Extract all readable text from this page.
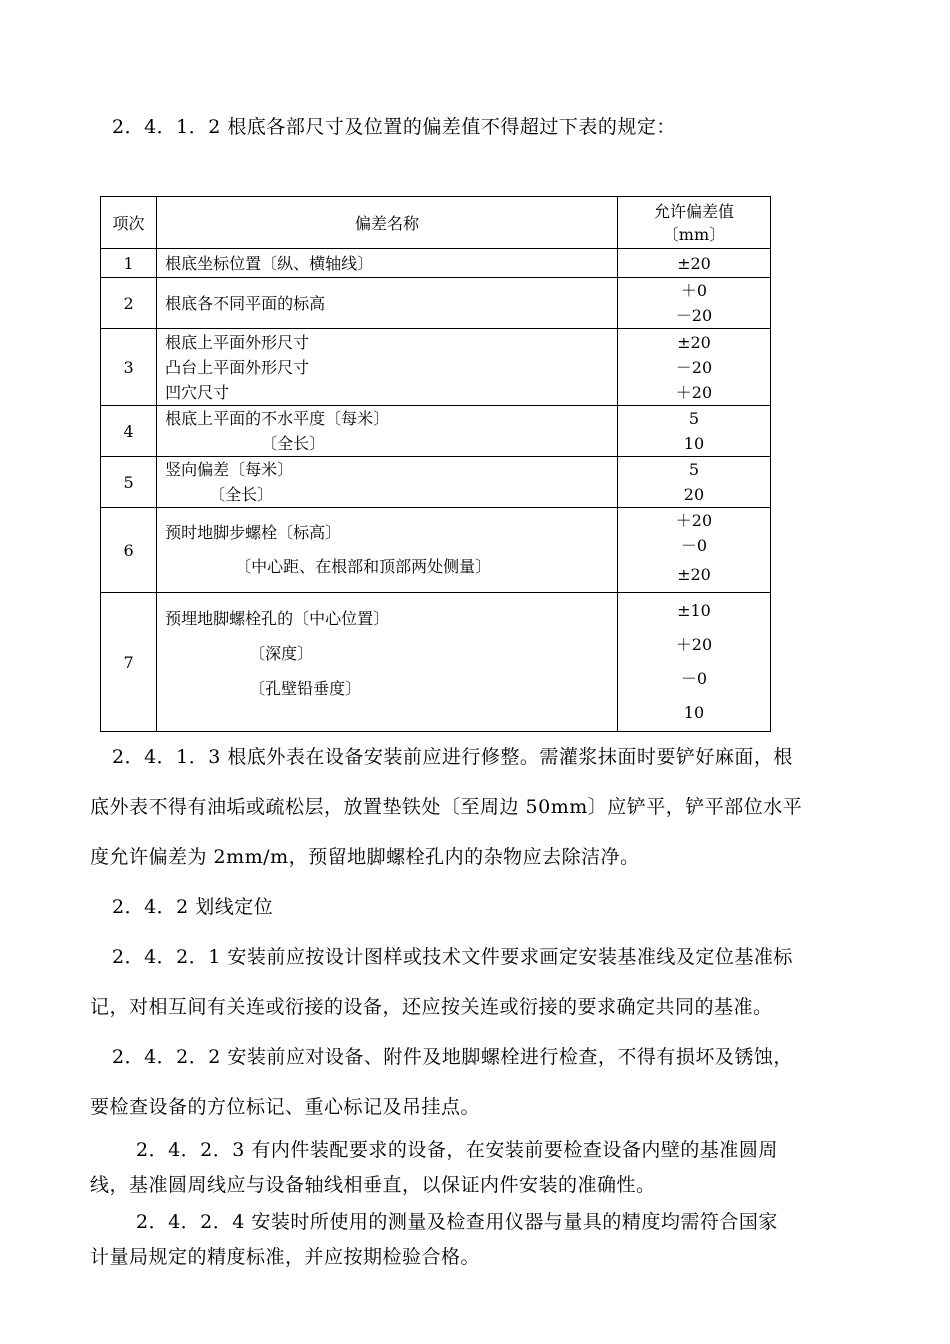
2．4．1．2 根底各部尺寸及位置的偏差值不得超过下表的规定：
项次	偏差名称	允许偏差值
〔mm〕

1	根底坐标位置〔纵、横轴线〕	±20

2	根底各不同平面的标高	＋0
－20

3	根底上平面外形尺寸
凸台上平面外形尺寸
凹穴尺寸	±20
－20
＋20

4	根底上平面的不水平度〔每米〕
〔全长〕	5
10

5	竖向偏差〔每米〕
〔全长〕	5
20

6	预时地脚步螺栓〔标高〕
〔中心距、在根部和顶部两处侧量〕	＋20
－0
±20

7	预埋地脚螺栓孔的〔中心位置〕
〔深度〕
〔孔壁铅垂度〕	±10
＋20
－0
10
2．4．1．3 根底外表在设备安装前应进行修整。需灌浆抹面时要铲好麻面，根
底外表不得有油垢或疏松层，放置垫铁处〔至周边 50mm〕应铲平，铲平部位水平
度允许偏差为 2mm/m，预留地脚螺栓孔内的杂物应去除洁净。
2．4．2 划线定位
2．4．2．1 安装前应按设计图样或技术文件要求画定安装基准线及定位基准标
记，对相互间有关连或衍接的设备，还应按关连或衍接的要求确定共同的基准。
2．4．2．2 安装前应对设备、附件及地脚螺栓进行检查，不得有损坏及锈蚀，
要检查设备的方位标记、重心标记及吊挂点。
2．4．2．3 有内件装配要求的设备，在安装前要检查设备内壁的基准圆周
线，基准圆周线应与设备轴线相垂直，以保证内件安装的准确性。
2．4．2．4 安装时所使用的测量及检查用仪器与量具的精度均需符合国家
计量局规定的精度标准，并应按期检验合格。
